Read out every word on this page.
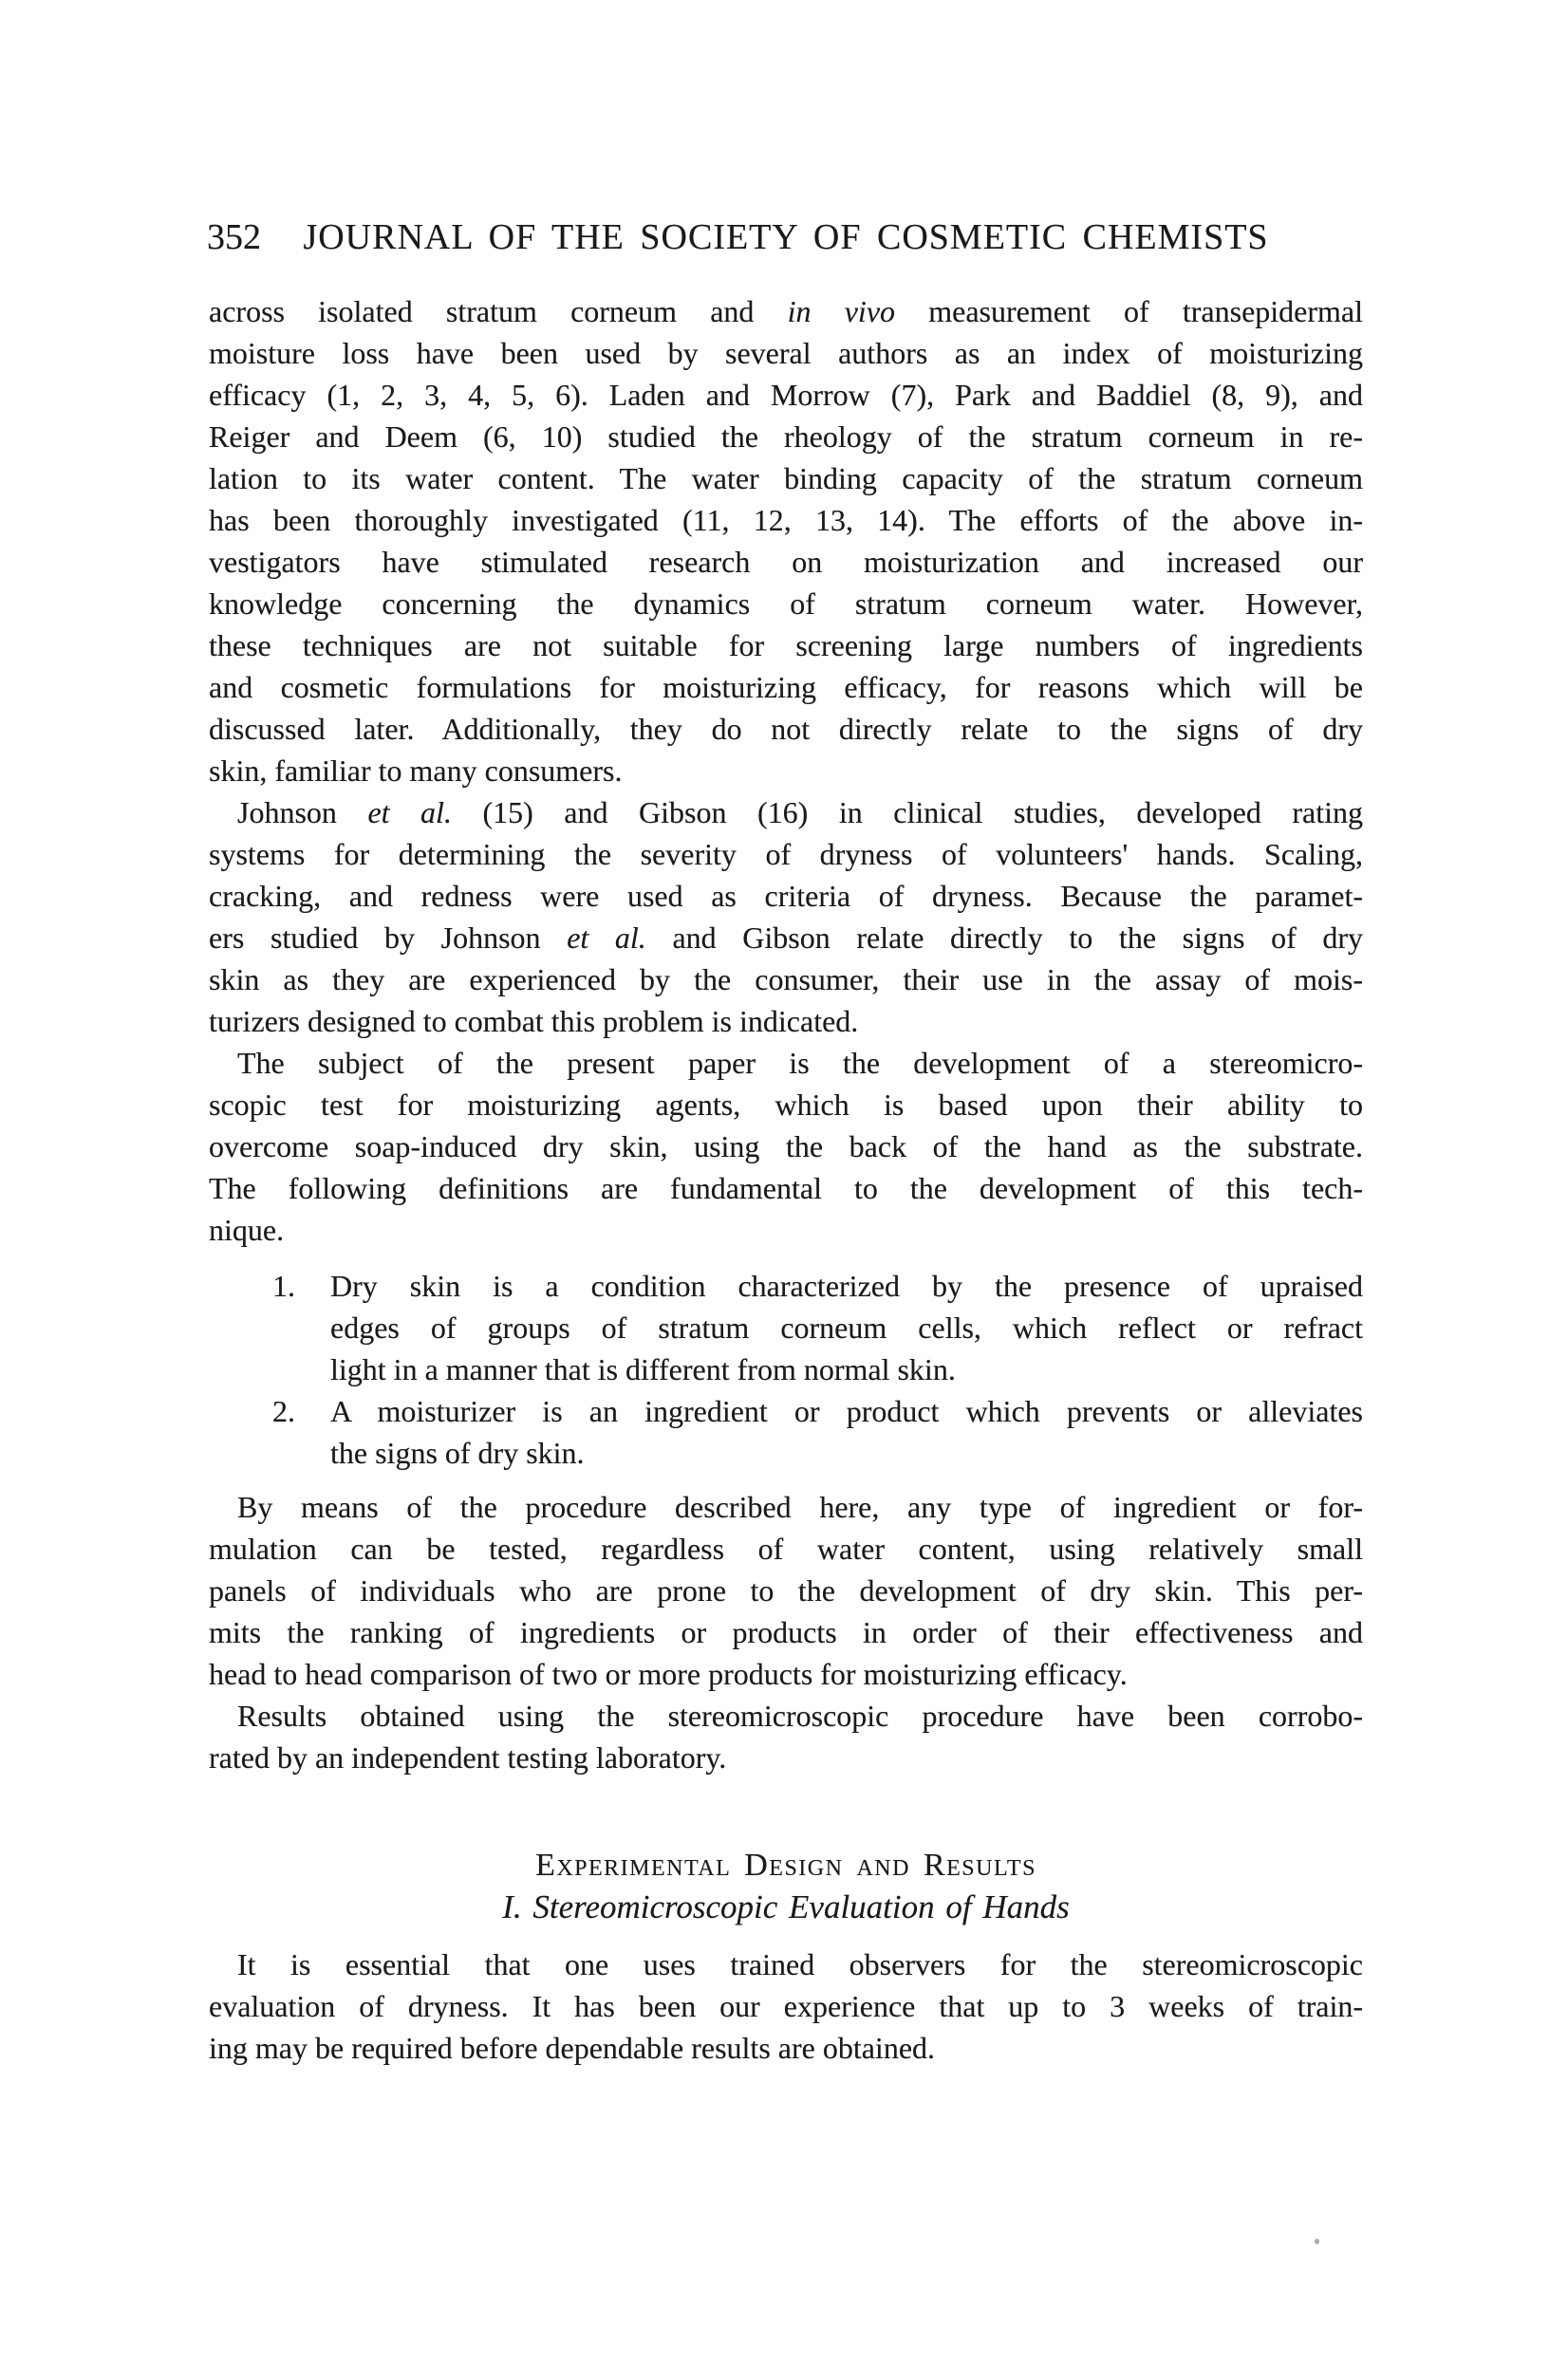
352 JOURNAL OF THE SOCIETY OF COSMETIC CHEMISTS
across isolated stratum corneum and in vivo measurement of transepidermal
moisture loss have been used by several authors as an index of moisturizing
efficacy (1, 2, 3, 4, 5, 6). Laden and Morrow (7), Park and Baddiel (8, 9), and
Reiger and Deem (6, 10) studied the rheology of the stratum corneum in re-
lation to its water content. The water binding capacity of the stratum corneum
has been thoroughly investigated (11, 12, 13, 14). The efforts of the above in-
vestigators have stimulated research on moisturization and increased our
knowledge concerning the dynamics of stratum corneum water. However,
these techniques are not suitable for screening large numbers of ingredients
and cosmetic formulations for moisturizing efficacy, for reasons which will be
discussed later. Additionally, they do not directly relate to the signs of dry
skin, familiar to many consumers.
Johnson et al. (15) and Gibson (16) in clinical studies, developed rating
systems for determining the severity of dryness of volunteers' hands. Scaling,
cracking, and redness were used as criteria of dryness. Because the paramet-
ers studied by Johnson et al. and Gibson relate directly to the signs of dry
skin as they are experienced by the consumer, their use in the assay of mois-
turizers designed to combat this problem is indicated.
The subject of the present paper is the development of a stereomicro-
scopic test for moisturizing agents, which is based upon their ability to
overcome soap-induced dry skin, using the back of the hand as the substrate.
The following definitions are fundamental to the development of this tech-
nique.
1.	Dry skin is a condition characterized by the presence of upraised
edges of groups of stratum corneum cells, which reflect or refract
light in a manner that is different from normal skin.
2.	A moisturizer is an ingredient or product which prevents or alleviates
the signs of dry skin.
By means of the procedure described here, any type of ingredient or for-
mulation can be tested, regardless of water content, using relatively small
panels of individuals who are prone to the development of dry skin. This per-
mits the ranking of ingredients or products in order of their effectiveness and
head to head comparison of two or more products for moisturizing efficacy.
Results obtained using the stereomicroscopic procedure have been corrobo-
rated by an independent testing laboratory.
Experimental Design and Results
I. Stereomicroscopic Evaluation of Hands
It is essential that one uses trained observers for the stereomicroscopic
evaluation of dryness. It has been our experience that up to 3 weeks of train-
ing may be required before dependable results are obtained.
